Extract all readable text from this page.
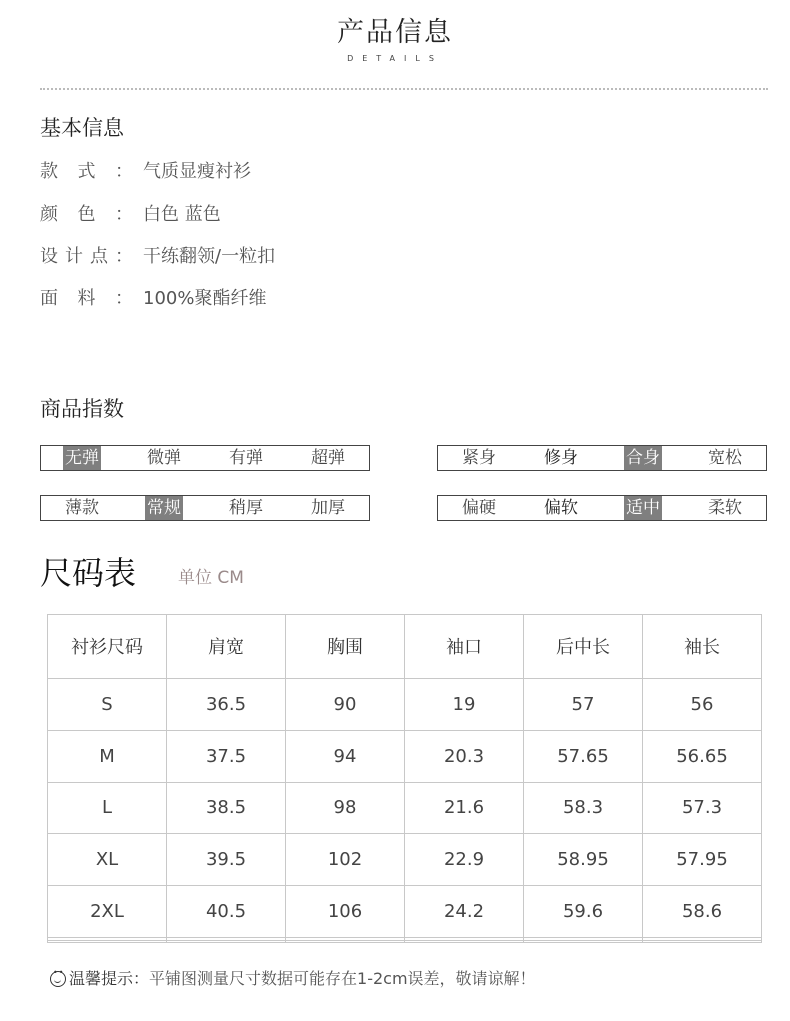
产品信息
DETAILS
基本信息
款式： 气质显瘦衬衫
颜色： 白色 蓝色
设计点： 干练翻领/一粒扣
面料： 100%聚酯纤维
商品指数
无弹	微弹	有弹	超弹	紧身	修身	合身	宽松
薄款	常规	稍厚	加厚	偏硬	偏软	适中	柔软
尺码表 单位 CM
衬衫尺码	肩宽	胸围	袖口	后中长	袖长
S	36.5	90	19	57	56
M	37.5	94	20.3	57.65	56.65
L	38.5	98	21.6	58.3	57.3
XL	39.5	102	22.9	58.95	57.95
2XL	40.5	106	24.2	59.6	58.6

••温馨提示：平铺图测量尺寸数据可能存在1-2cm误差，敬请谅解！
